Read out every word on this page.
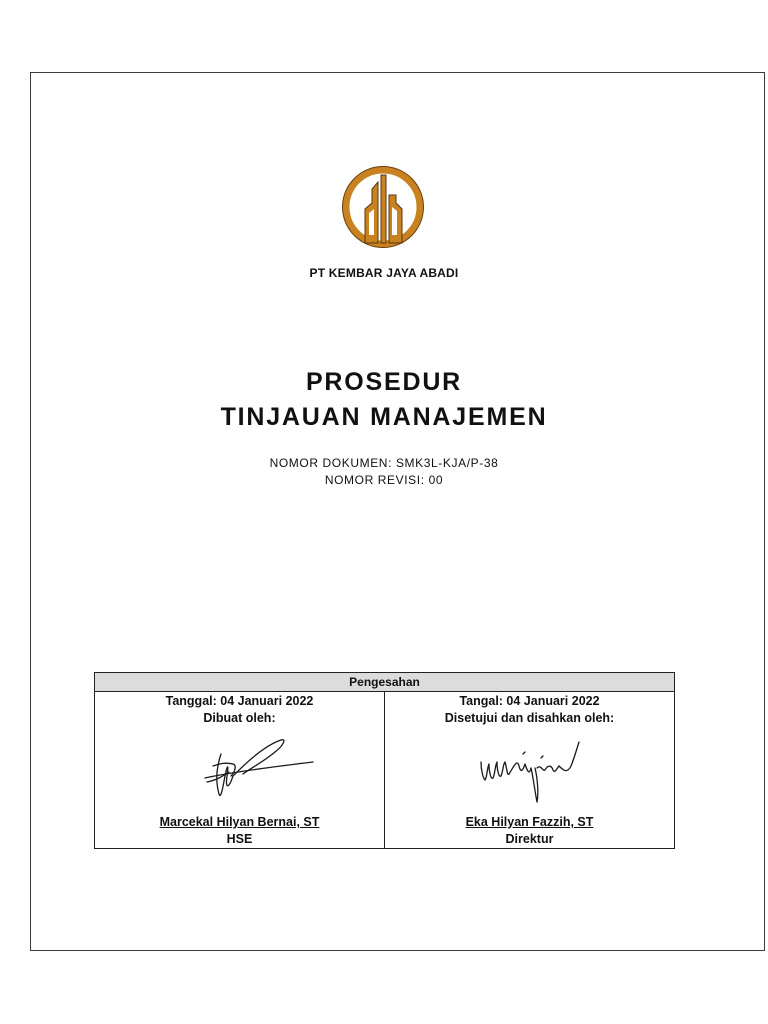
PT KEMBAR JAYA ABADI
PROSEDUR
TINJAUAN MANAJEMEN
NOMOR DOKUMEN: SMK3L-KJA/P-38
NOMOR REVISI: 00
Pengesahan
Tanggal: 04 Januari 2022
Dibuat oleh:
Marcekal Hilyan Bernai, ST
HSE
Tangal: 04 Januari 2022
Disetujui dan disahkan oleh:
Eka Hilyan Fazzih, ST
Direktur
